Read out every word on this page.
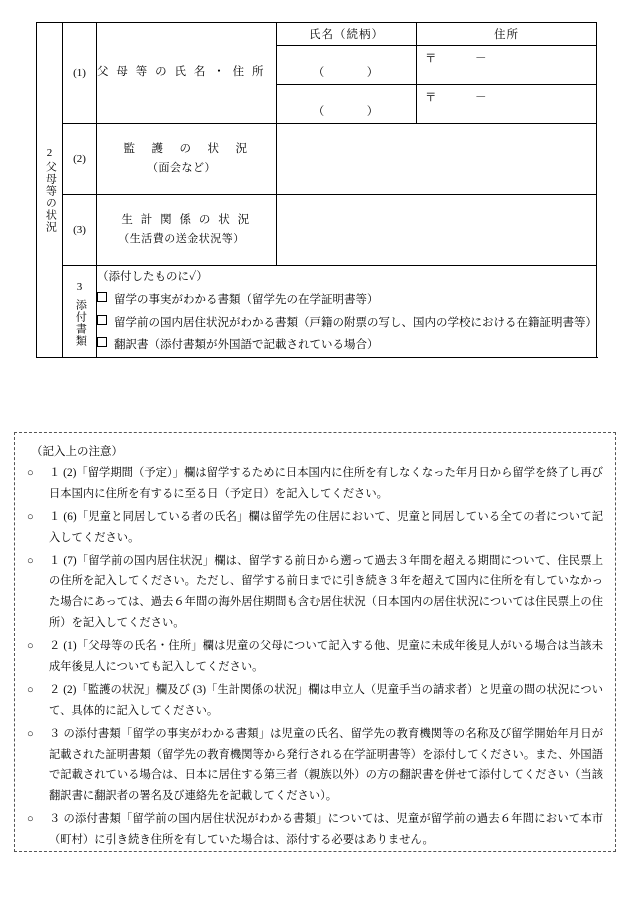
2
父母等の状況	(1)	父 母 等 の 氏 名 ・ 住 所	氏名（続柄）	住所

			（　　　）	〒　　　－

			（　　　）	〒　　　－

	(2)	監　護　の　状　況
（面会など）		

	(3)	生 計 関 係 の 状 況
（生活費の送金状況等）		

3
添付書類

（添付したものに✓）
留学の事実がわかる書類（留学先の在学証明書等）
留学前の国内居住状況がわかる書類（戸籍の附票の写し、国内の学校における在籍証明書等）
翻訳書（添付書類が外国語で記載されている場合）
（記入上の注意）
○	１ (2)「留学期間（予定）」欄は留学するために日本国内に住所を有しなくなった年月日から留学を終了し再び日本国内に住所を有するに至る日（予定日）を記入してください。
○	１ (6)「児童と同居している者の氏名」欄は留学先の住居において、児童と同居している全ての者について記入してください。
○	１ (7)「留学前の国内居住状況」欄は、留学する前日から遡って過去３年間を超える期間について、住民票上の住所を記入してください。ただし、留学する前日までに引き続き３年を超えて国内に住所を有していなかった場合にあっては、過去６年間の海外居住期間も含む居住状況（日本国内の居住状況については住民票上の住所）を記入してください。
○	２ (1)「父母等の氏名・住所」欄は児童の父母について記入する他、児童に未成年後見人がいる場合は当該未成年後見人についても記入してください。
○	２ (2)「監護の状況」欄及び (3)「生計関係の状況」欄は申立人（児童手当の請求者）と児童の間の状況について、具体的に記入してください。
○	３ の添付書類「留学の事実がわかる書類」は児童の氏名、留学先の教育機関等の名称及び留学開始年月日が記載された証明書類（留学先の教育機関等から発行される在学証明書等）を添付してください。また、外国語で記載されている場合は、日本に居住する第三者（親族以外）の方の翻訳書を併せて添付してください（当該翻訳書に翻訳者の署名及び連絡先を記載してください）。
○	３ の添付書類「留学前の国内居住状況がわかる書類」については、児童が留学前の過去６年間において本市（町村）に引き続き住所を有していた場合は、添付する必要はありません。
